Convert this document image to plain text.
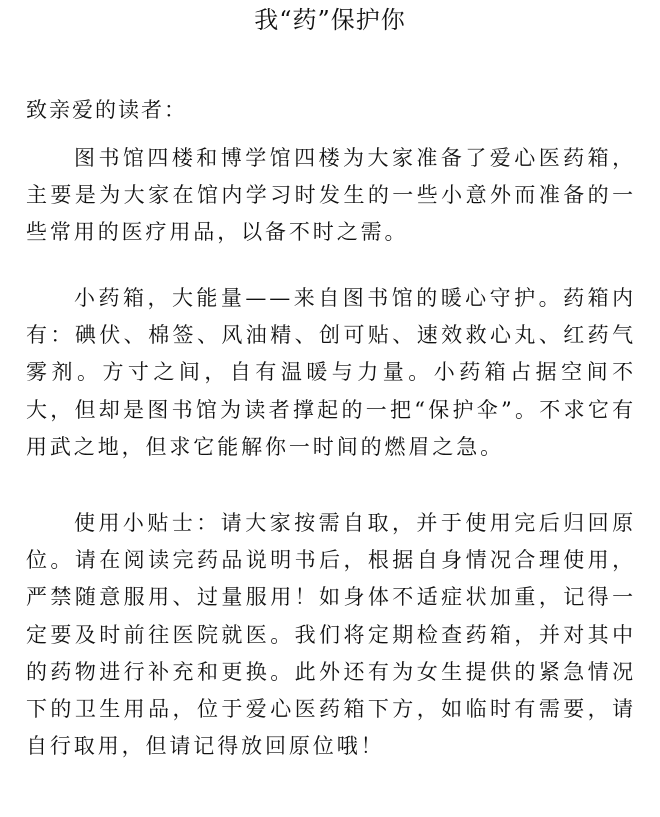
我“药”保护你
致亲爱的读者：

图书馆四楼和博学馆四楼为大家准备了爱心医药箱，主要是为大家在馆内学习时发生的一些小意外而准备的一些常用的医疗用品，以备不时之需。

小药箱，大能量——来自图书馆的暖心守护。药箱内有：碘伏、棉签、风油精、创可贴、速效救心丸、红药气雾剂。方寸之间，自有温暖与力量。小药箱占据空间不大，但却是图书馆为读者撑起的一把“保护伞”。不求它有用武之地，但求它能解你一时间的燃眉之急。

使用小贴士：请大家按需自取，并于使用完后归回原位。请在阅读完药品说明书后，根据自身情况合理使用，严禁随意服用、过量服用！如身体不适症状加重，记得一定要及时前往医院就医。我们将定期检查药箱，并对其中的药物进行补充和更换。此外还有为女生提供的紧急情况下的卫生用品，位于爱心医药箱下方，如临时有需要，请自行取用，但请记得放回原位哦！
